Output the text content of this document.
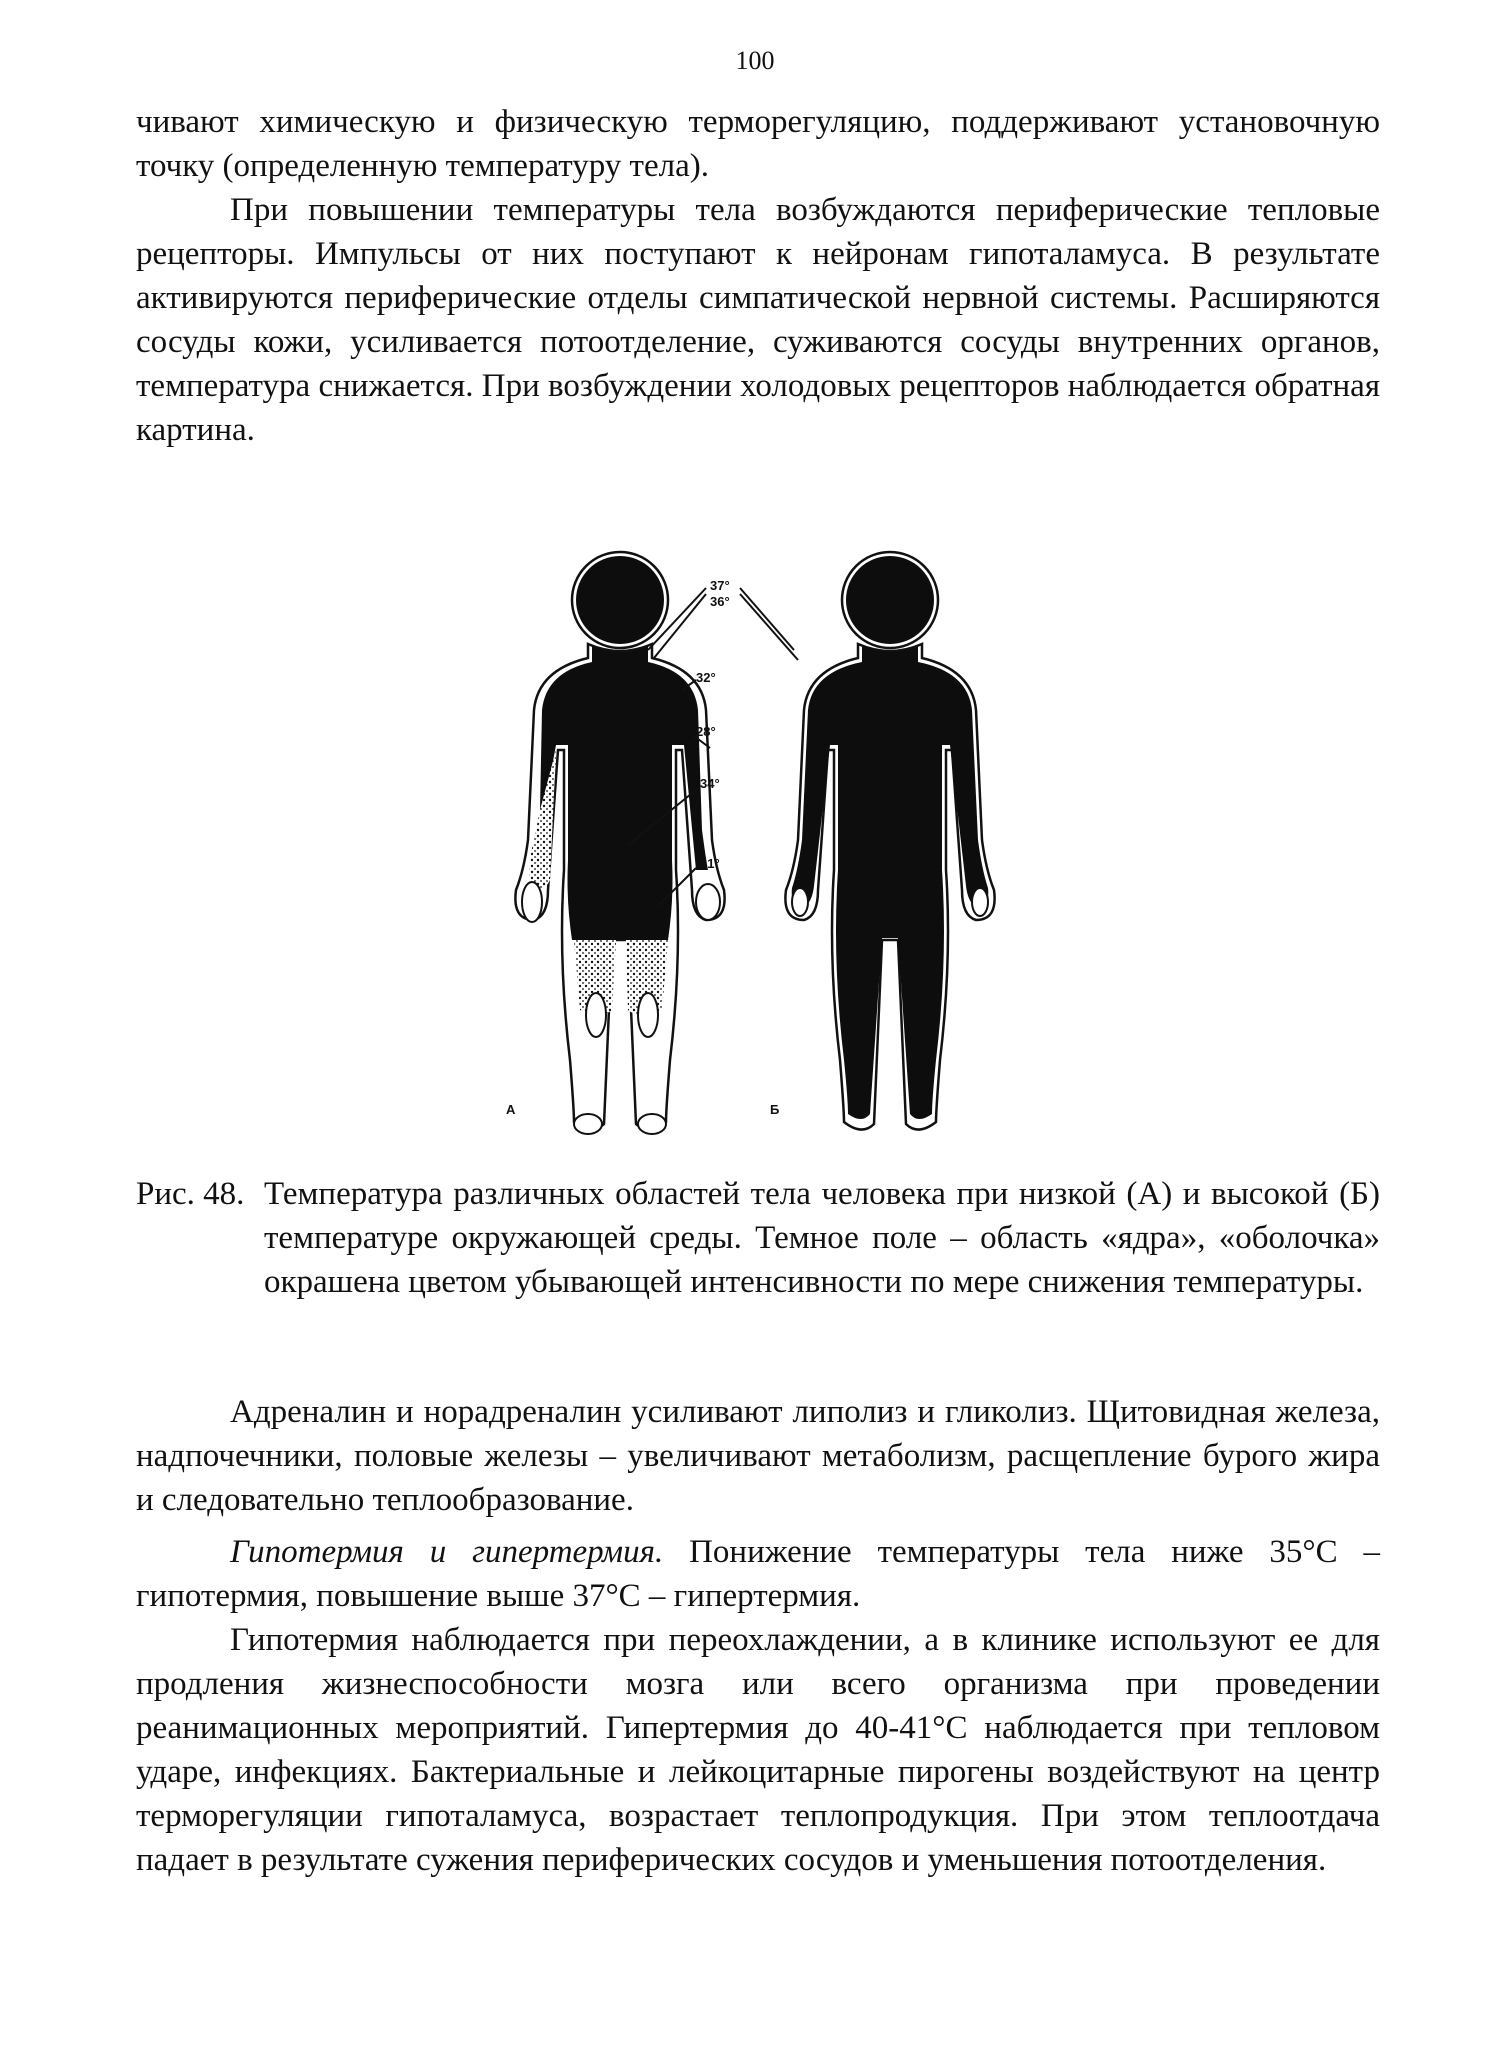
100

чивают химическую и физическую терморегуляцию, поддерживают установочную точку (определенную температуру тела).

При повышении температуры тела возбуждаются периферические тепловые рецепторы. Импульсы от них поступают к нейронам гипоталамуса. В результате активируются периферические отделы симпатической нервной системы. Расширяются сосуды кожи, усиливается потоотделение, суживаются сосуды внутренних органов, температура снижается. При возбуждении холодовых рецепторов наблюдается обратная картина.

37°
36°
32°
28°
34°
31°
А	Б
Рис. 48. Температура различных областей тела человека при низкой (А) и высокой (Б) температуре окружающей среды. Темное поле – область «ядра», «оболочка» окрашена цветом убывающей интенсивности по мере снижения температуры.

Адреналин и норадреналин усиливают липолиз и гликолиз. Щитовидная железа, надпочечники, половые железы – увеличивают метаболизм, расщепление бурого жира и следовательно теплообразование.

Гипотермия и гипертермия. Понижение температуры тела ниже 35°С – гипотермия, повышение выше 37°С – гипертермия.

Гипотермия наблюдается при переохлаждении, а в клинике используют ее для продления жизнеспособности мозга или всего организма при проведении реанимационных мероприятий. Гипертермия до 40-41°С наблюдается при тепловом ударе, инфекциях. Бактериальные и лейкоцитарные пирогены воздействуют на центр терморегуляции гипоталамуса, возрастает теплопродукция. При этом теплоотдача падает в результате сужения периферических сосудов и уменьшения потоотделения.
